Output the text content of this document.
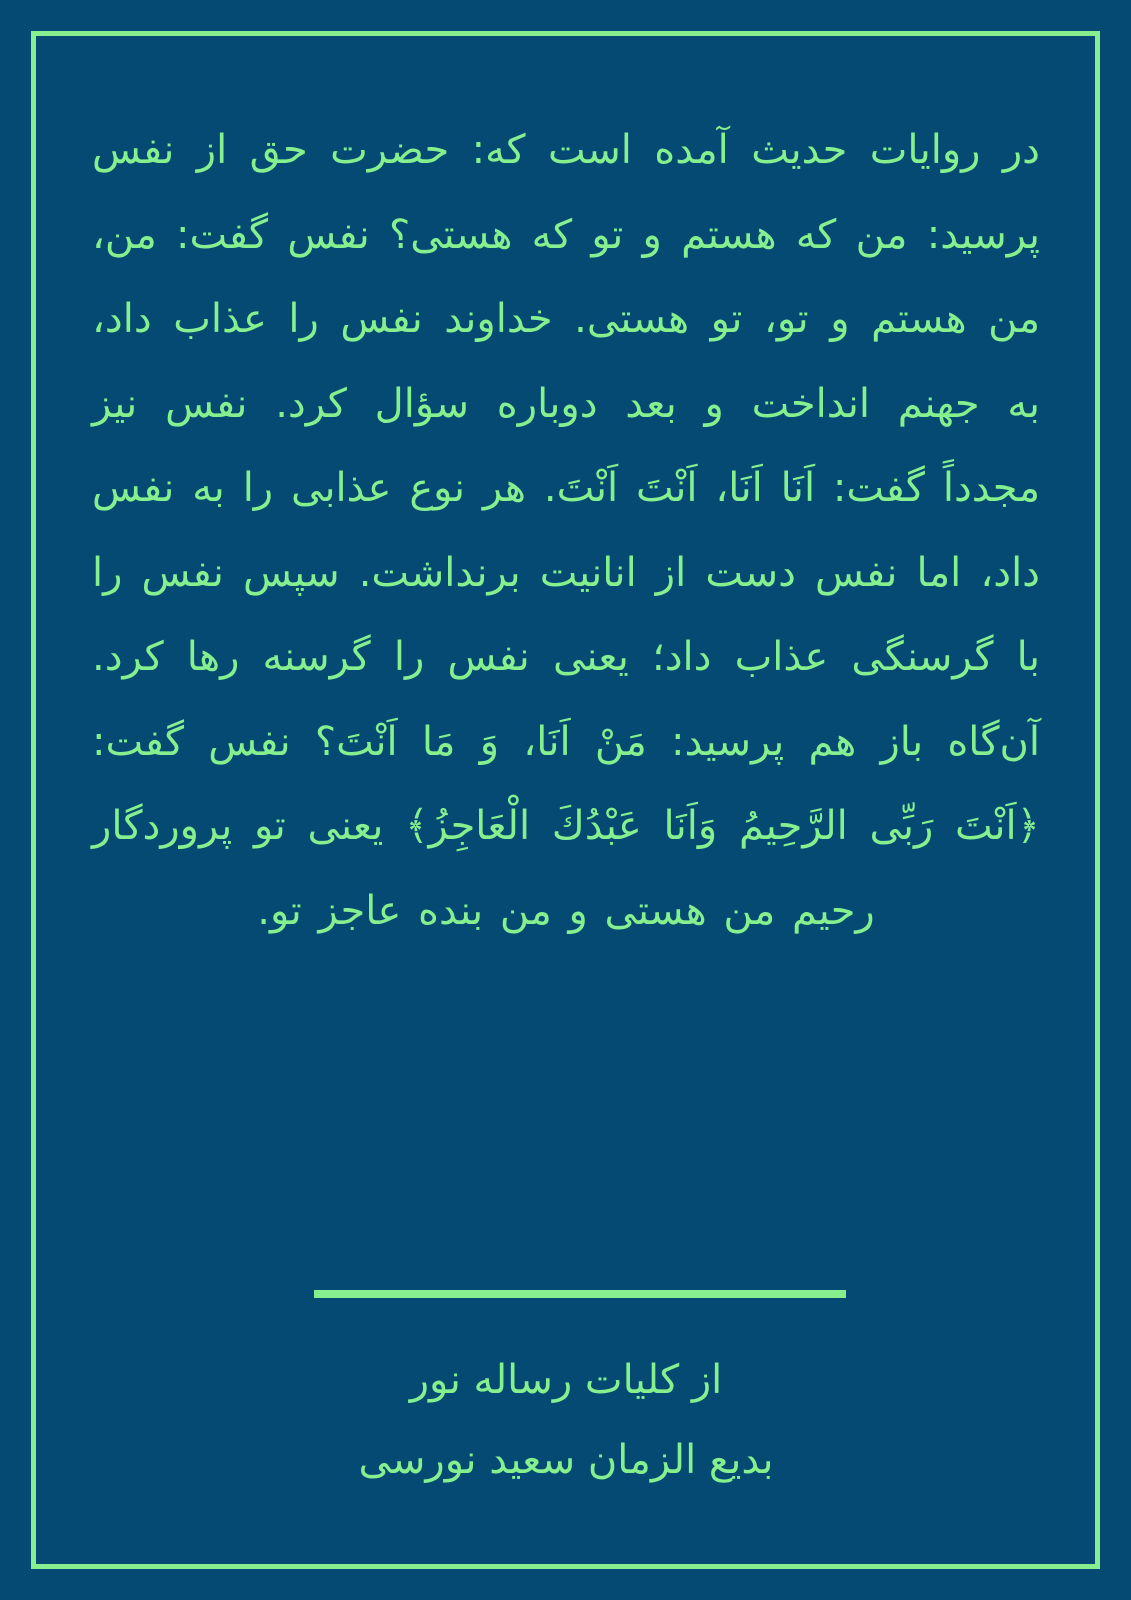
در روایات حدیث آمده است که: حضرت حق از نفس پرسید: من که هستم و تو که هستی؟ نفس گفت: من، من هستم و تو، تو هستی. خداوند نفس را عذاب داد، به جهنم انداخت و بعد دوباره سؤال کرد. نفس نیز مجدداً گفت: اَنَا اَنَا، اَنْتَ اَنْتَ. هر نوع عذابی را به نفس داد، اما نفس دست از انانیت برنداشت. سپس نفس را با گرسنگی عذاب داد؛ یعنی نفس را گرسنه رها کرد. آن‌گاه باز هم پرسید: مَنْ اَنَا، وَ مَا اَنْتَ؟ نفس گفت: ﴿اَنْتَ رَبِّی الرَّحِیمُ وَاَنَا عَبْدُكَ الْعَاجِزُ﴾ یعنی تو پروردگار رحیم من هستی و من بنده عاجز تو.

از کلیات رساله نور

بدیع الزمان سعید نورسی
